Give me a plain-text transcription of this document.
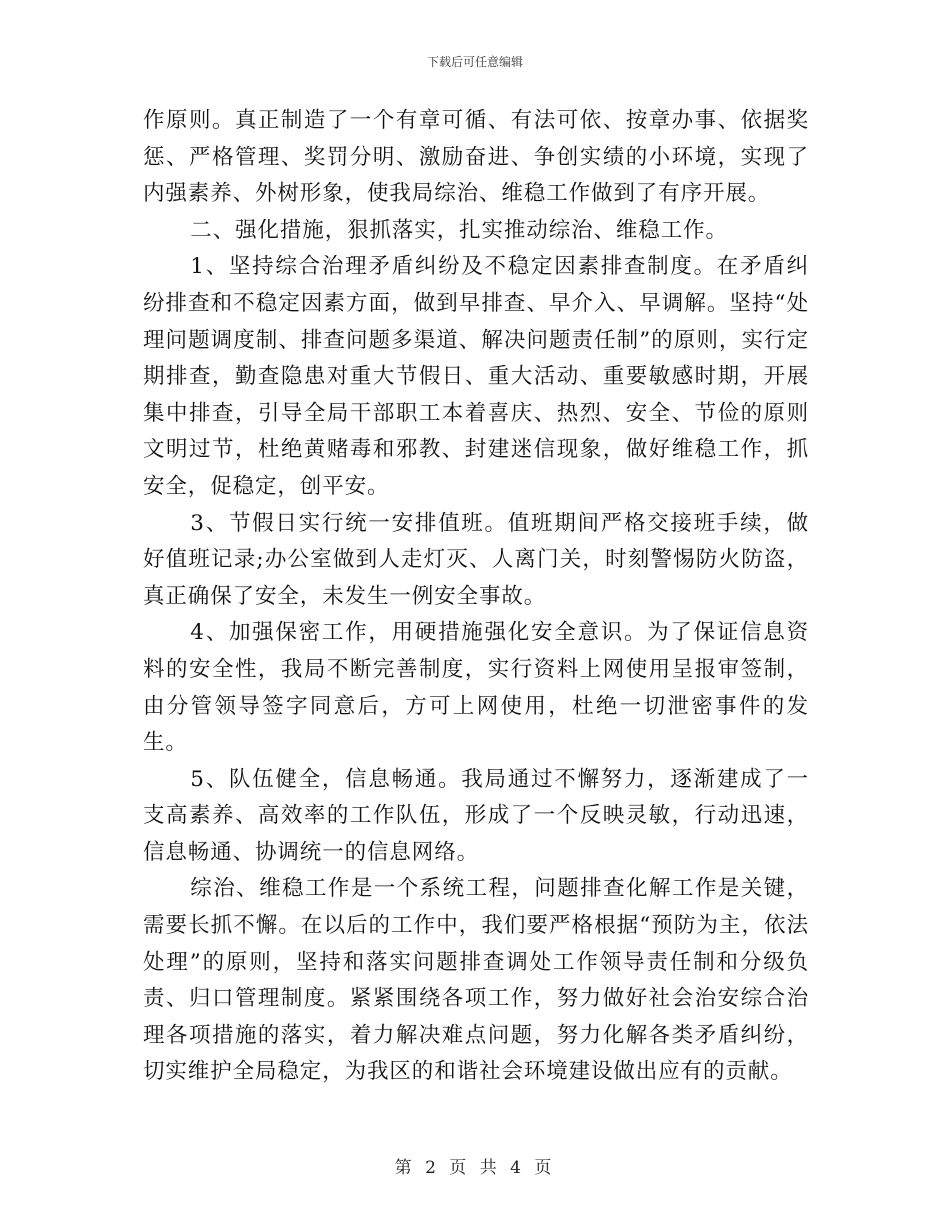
下载后可任意编辑

作原则。真正制造了一个有章可循、有法可依、按章办事、依据奖惩、严格管理、奖罚分明、激励奋进、争创实绩的小环境，实现了内强素养、外树形象，使我局综治、维稳工作做到了有序开展。

二、强化措施，狠抓落实，扎实推动综治、维稳工作。

1、坚持综合治理矛盾纠纷及不稳定因素排查制度。在矛盾纠纷排查和不稳定因素方面，做到早排查、早介入、早调解。坚持“处理问题调度制、排查问题多渠道、解决问题责任制”的原则，实行定期排查，勤查隐患对重大节假日、重大活动、重要敏感时期，开展集中排查，引导全局干部职工本着喜庆、热烈、安全、节俭的原则文明过节，杜绝黄赌毒和邪教、封建迷信现象，做好维稳工作，抓安全，促稳定，创平安。

3、节假日实行统一安排值班。值班期间严格交接班手续，做好值班记录;办公室做到人走灯灭、人离门关，时刻警惕防火防盗，真正确保了安全，未发生一例安全事故。

4、加强保密工作，用硬措施强化安全意识。为了保证信息资料的安全性，我局不断完善制度，实行资料上网使用呈报审签制，由分管领导签字同意后，方可上网使用，杜绝一切泄密事件的发生。

5、队伍健全，信息畅通。我局通过不懈努力，逐渐建成了一支高素养、高效率的工作队伍，形成了一个反映灵敏，行动迅速，信息畅通、协调统一的信息网络。

综治、维稳工作是一个系统工程，问题排查化解工作是关键，需要长抓不懈。在以后的工作中，我们要严格根据“预防为主，依法处理”的原则，坚持和落实问题排查调处工作领导责任制和分级负责、归口管理制度。紧紧围绕各项工作，努力做好社会治安综合治理各项措施的落实，着力解决难点问题，努力化解各类矛盾纠纷，切实维护全局稳定，为我区的和谐社会环境建设做出应有的贡献。

第 2 页 共 4 页
